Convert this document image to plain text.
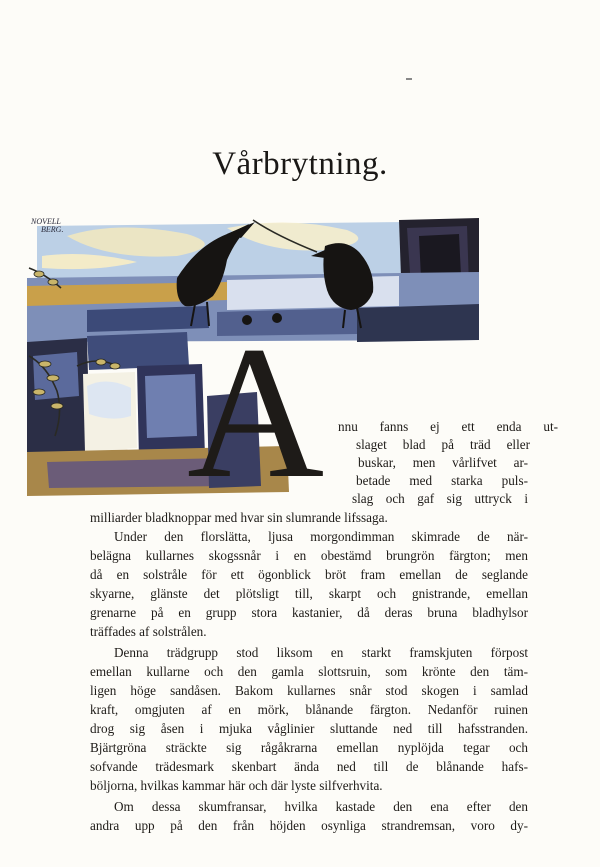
Vårbrytning.
A
NOVELL
BERG.
nnu fanns ej ett enda ut-
slaget blad på träd eller
buskar, men vårlifvet ar-
betade med starka puls-
slag och gaf sig uttryck i
milliarder bladknoppar med hvar sin slumrande lifssaga.
Under den florslätta, ljusa morgondimman skimrade de när-
belägna kullarnes skogssnår i en obestämd brungrön färgton; men
då en solstråle för ett ögonblick bröt fram emellan de seglande
skyarne, glänste det plötsligt till, skarpt och gnistrande, emellan
grenarne på en grupp stora kastanier, då deras bruna bladhylsor
träffades af solstrålen.
Denna trädgrupp stod liksom en starkt framskjuten förpost
emellan kullarne och den gamla slottsruin, som krönte den täm-
ligen höge sandåsen. Bakom kullarnes snår stod skogen i samlad
kraft, omgjuten af en mörk, blånande färgton. Nedanför ruinen
drog sig åsen i mjuka våglinier sluttande ned till hafsstranden.
Bjärtgröna sträckte sig rågåkrarna emellan nyplöjda tegar och
sofvande trädesmark skenbart ända ned till de blånande hafs-
böljorna, hvilkas kammar här och där lyste silfverhvita.
Om dessa skumfransar, hvilka kastade den ena efter den
andra upp på den från höjden osynliga strandremsan, voro dy-
